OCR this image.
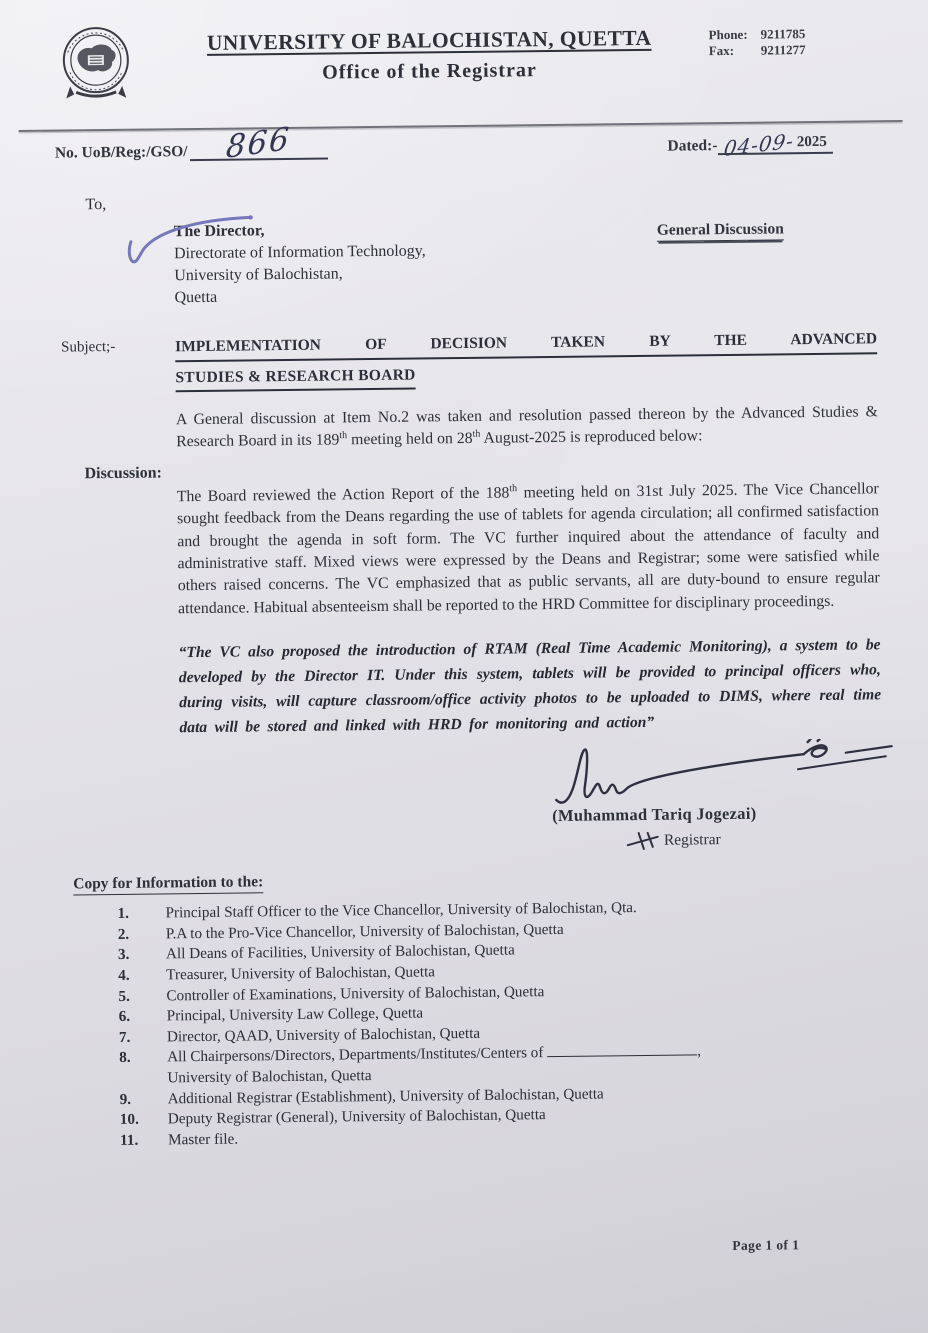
UNIVERSITY OF BALOCHISTAN, QUETTA
Office of the Registrar
Phone: 9211785
Fax:	9211277
No. UoB/Reg:/GSO/	866	Dated:- 04-09- 2025
To,
The Director,
Directorate of Information Technology,
University of Balochistan,
Quetta
General Discussion
Subject;-	IMPLEMENTATION OF DECISION TAKEN BY THE ADVANCED
STUDIES & RESEARCH BOARD
A General discussion at Item No.2 was taken and resolution passed thereon by the Advanced Studies & Research Board in its 189th meeting held on 28th August-2025 is reproduced below:
Discussion:
The Board reviewed the Action Report of the 188th meeting held on 31st July 2025. The Vice Chancellor sought feedback from the Deans regarding the use of tablets for agenda circulation; all confirmed satisfaction and brought the agenda in soft form. The VC further inquired about the attendance of faculty and administrative staff. Mixed views were expressed by the Deans and Registrar; some were satisfied while others raised concerns. The VC emphasized that as public servants, all are duty-bound to ensure regular attendance. Habitual absenteeism shall be reported to the HRD Committee for disciplinary proceedings.
“The VC also proposed the introduction of RTAM (Real Time Academic Monitoring), a system to be developed by the Director IT. Under this system, tablets will be provided to principal officers who, during visits, will capture classroom/office activity photos to be uploaded to DIMS, where real time data will be stored and linked with HRD for monitoring and action”
(Muhammad Tariq Jogezai)
Registrar
Copy for Information to the:
1.	Principal Staff Officer to the Vice Chancellor, University of Balochistan, Qta.
2.	P.A to the Pro-Vice Chancellor, University of Balochistan, Quetta
3.	All Deans of Facilities, University of Balochistan, Quetta
4.	Treasurer, University of Balochistan, Quetta
5.	Controller of Examinations, University of Balochistan, Quetta
6.	Principal, University Law College, Quetta
7.	Director, QAAD, University of Balochistan, Quetta
8.	All Chairpersons/Directors, Departments/Institutes/Centers of	,
University of Balochistan, Quetta
9.	Additional Registrar (Establishment), University of Balochistan, Quetta
10.	Deputy Registrar (General), University of Balochistan, Quetta
11.	Master file.
Page 1 of 1
